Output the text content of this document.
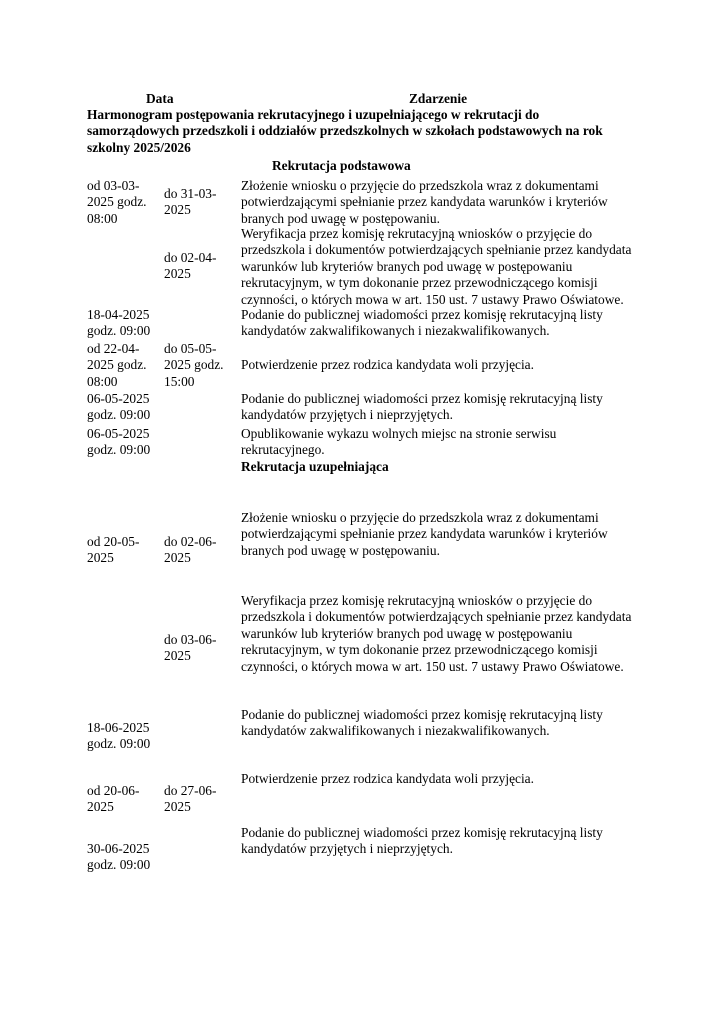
Data	Zdarzenie

Harmonogram postępowania rekrutacyjnego i uzupełniającego w rekrutacji do samorządowych przedszkoli i oddziałów przedszkolnych w szkołach podstawowych na rok szkolny 2025/2026

Rekrutacja podstawowa

od 03-03-2025 godz. 08:00

do 31-03-2025

Złożenie wniosku o przyjęcie do przedszkola wraz z dokumentami potwierdzającymi spełnianie przez kandydata warunków i kryteriów branych pod uwagę w postępowaniu.

do 02-04-2025

Weryfikacja przez komisję rekrutacyjną wniosków o przyjęcie do przedszkola i dokumentów potwierdzających spełnianie przez kandydata warunków lub kryteriów branych pod uwagę w postępowaniu rekrutacyjnym, w tym dokonanie przez przewodniczącego komisji czynności, o których mowa w art. 150 ust. 7 ustawy Prawo Oświatowe.

18-04-2025 godz. 09:00

Podanie do publicznej wiadomości przez komisję rekrutacyjną listy kandydatów zakwalifikowanych i niezakwalifikowanych.

od 22-04-2025 godz. 08:00

do 05-05-2025 godz. 15:00

Potwierdzenie przez rodzica kandydata woli przyjęcia.

06-05-2025 godz. 09:00

Podanie do publicznej wiadomości przez komisję rekrutacyjną listy kandydatów przyjętych i nieprzyjętych.

06-05-2025 godz. 09:00

Opublikowanie wykazu wolnych miejsc na stronie serwisu rekrutacyjnego.

Rekrutacja uzupełniająca

od 20-05-2025

do 02-06-2025

Złożenie wniosku o przyjęcie do przedszkola wraz z dokumentami potwierdzającymi spełnianie przez kandydata warunków i kryteriów branych pod uwagę w postępowaniu.

do 03-06-2025

Weryfikacja przez komisję rekrutacyjną wniosków o przyjęcie do przedszkola i dokumentów potwierdzających spełnianie przez kandydata warunków lub kryteriów branych pod uwagę w postępowaniu rekrutacyjnym, w tym dokonanie przez przewodniczącego komisji czynności, o których mowa w art. 150 ust. 7 ustawy Prawo Oświatowe.

18-06-2025 godz. 09:00

Podanie do publicznej wiadomości przez komisję rekrutacyjną listy kandydatów zakwalifikowanych i niezakwalifikowanych.

od 20-06-2025

do 27-06-2025

Potwierdzenie przez rodzica kandydata woli przyjęcia.

30-06-2025 godz. 09:00

Podanie do publicznej wiadomości przez komisję rekrutacyjną listy kandydatów przyjętych i nieprzyjętych.
